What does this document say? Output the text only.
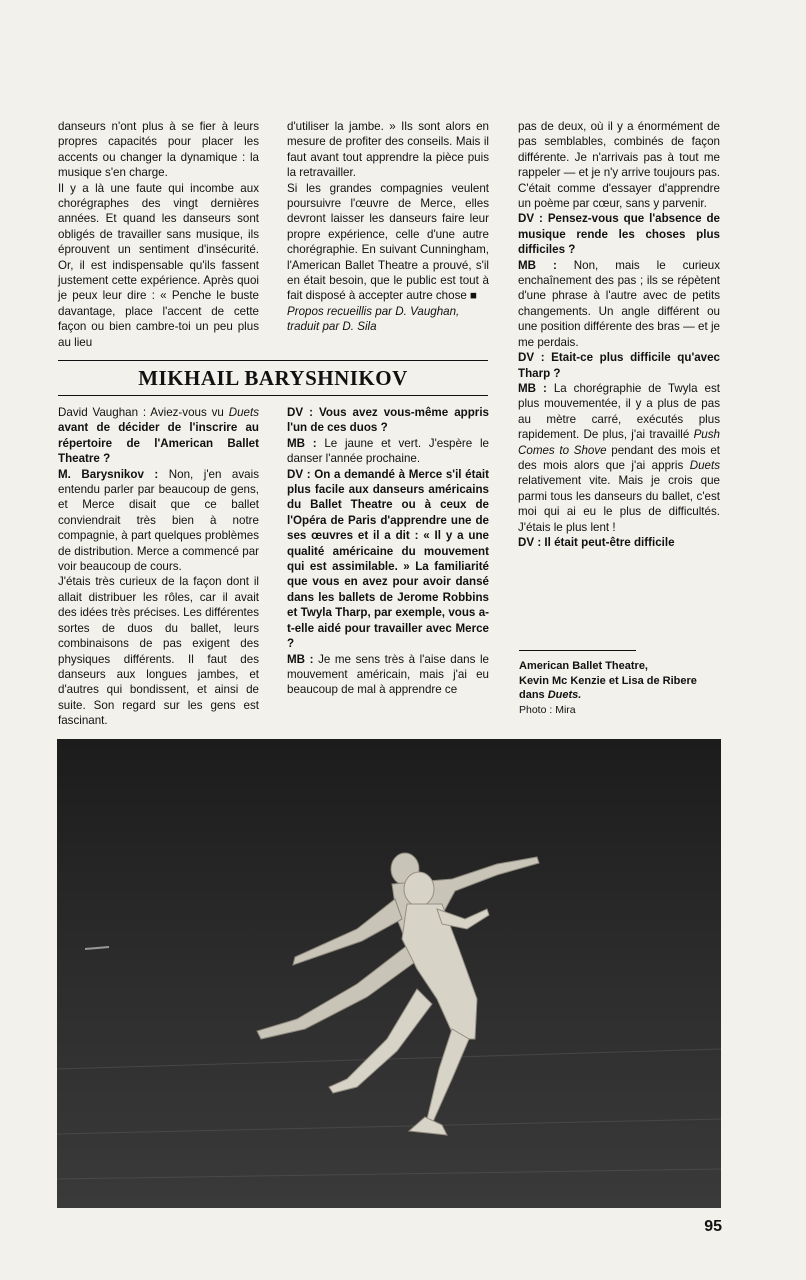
danseurs n'ont plus à se fier à leurs propres capacités pour placer les accents ou changer la dynamique : la musique s'en charge.

Il y a là une faute qui incombe aux chorégraphes des vingt dernières années. Et quand les danseurs sont obligés de travailler sans musique, ils éprouvent un sentiment d'insécurité. Or, il est indispensable qu'ils fassent justement cette expérience. Après quoi je peux leur dire : « Penche le buste davantage, place l'accent de cette façon ou bien cambre-toi un peu plus au lieu

d'utiliser la jambe. » Ils sont alors en mesure de profiter des conseils. Mais il faut avant tout apprendre la pièce puis la retravailler.

Si les grandes compagnies veulent poursuivre l'œuvre de Merce, elles devront laisser les danseurs faire leur propre expérience, celle d'une autre chorégraphie. En suivant Cunningham, l'American Ballet Theatre a prouvé, s'il en était besoin, que le public est tout à fait disposé à accepter autre chose ■

Propos recueillis par D. Vaughan,

traduit par D. Sila

pas de deux, où il y a énormément de pas semblables, combinés de façon différente. Je n'arrivais pas à tout me rappeler — et je n'y arrive toujours pas. C'était comme d'essayer d'apprendre un poème par cœur, sans y parvenir.

DV : Pensez-vous que l'absence de musique rende les choses plus difficiles ?

MB : Non, mais le curieux enchaînement des pas ; ils se répètent d'une phrase à l'autre avec de petits changements. Un angle différent ou une position différente des bras — et je me perdais.

DV : Etait-ce plus difficile qu'avec Tharp ?

MB : La chorégraphie de Twyla est plus mouvementée, il y a plus de pas au mètre carré, exécutés plus rapidement. De plus, j'ai travaillé Push Comes to Shove pendant des mois et des mois alors que j'ai appris Duets relativement vite. Mais je crois que parmi tous les danseurs du ballet, c'est moi qui ai eu le plus de difficultés. J'étais le plus lent !

DV : Il était peut-être difficile

MIKHAIL BARYSHNIKOV

David Vaughan : Aviez-vous vu Duets avant de décider de l'inscrire au répertoire de l'American Ballet Theatre ?

M. Barysnikov : Non, j'en avais entendu parler par beaucoup de gens, et Merce disait que ce ballet conviendrait très bien à notre compagnie, à part quelques problèmes de distribution. Merce a commencé par voir beaucoup de cours.

J'étais très curieux de la façon dont il allait distribuer les rôles, car il avait des idées très précises. Les différentes sortes de duos du ballet, leurs combinaisons de pas exigent des physiques différents. Il faut des danseurs aux longues jambes, et d'autres qui bondissent, et ainsi de suite. Son regard sur les gens est fascinant.

DV : Vous avez vous-même appris l'un de ces duos ?

MB : Le jaune et vert. J'espère le danser l'année prochaine.

DV : On a demandé à Merce s'il était plus facile aux danseurs américains du Ballet Theatre ou à ceux de l'Opéra de Paris d'apprendre une de ses œuvres et il a dit : « Il y a une qualité américaine du mouvement qui est assimilable. » La familiarité que vous en avez pour avoir dansé dans les ballets de Jerome Robbins et Twyla Tharp, par exemple, vous a-t-elle aidé pour travailler avec Merce ?

MB : Je me sens très à l'aise dans le mouvement américain, mais j'ai eu beaucoup de mal à apprendre ce

American Ballet Theatre,
Kevin Mc Kenzie et Lisa de Ribere
dans Duets.
Photo : Mira
95
